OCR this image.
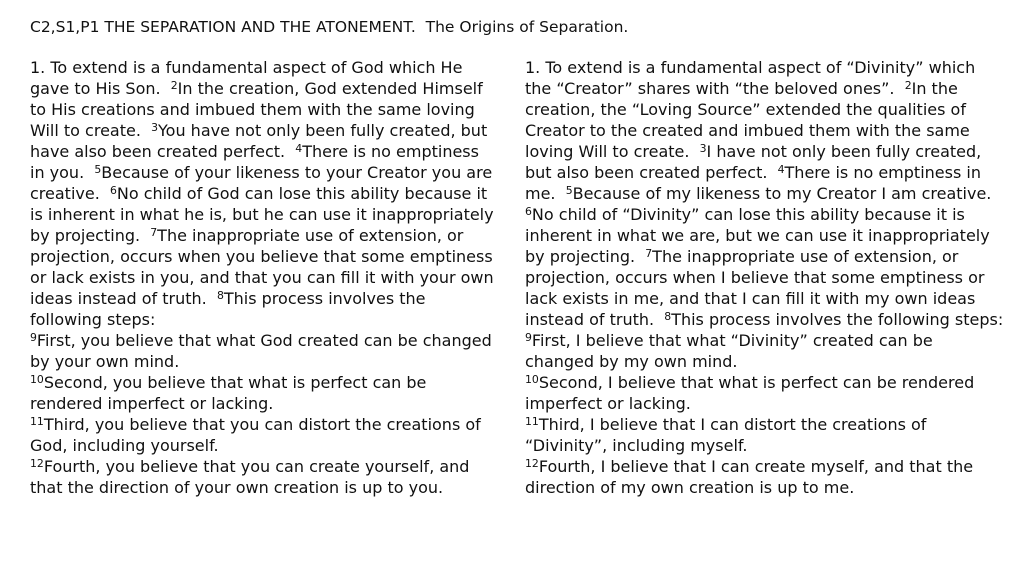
C2,S1,P1 THE SEPARATION AND THE ATONEMENT.  The Origins of Separation.
1. To extend is a fundamental aspect of God which He gave to His Son.  $^2$In the creation, God extended Himself to His creations and imbued them with the same loving Will to create.  $^3$You have not only been fully created, but have also been created perfect.  $^4$There is no emptiness in you.  $^5$Because of your likeness to your Creator you are creative.  $^6$No child of God can lose this ability because it is inherent in what he is, but he can use it inappropriately by projecting.  $^7$The inappropriate use of extension, or projection, occurs when you believe that some emptiness or lack exists in you, and that you can fill it with your own ideas instead of truth.  $^8$This process involves the following steps:
$^9$First, you believe that what God created can be changed by your own mind.
$^{10}$Second, you believe that what is perfect can be rendered imperfect or lacking.
$^{11}$Third, you believe that you can distort the creations of God, including yourself.
$^{12}$Fourth, you believe that you can create yourself, and that the direction of your own creation is up to you.
1. To extend is a fundamental aspect of “Divinity” which the “Creator” shares with “the beloved ones”.  $^2$In the creation, the “Loving Source” extended the qualities of Creator to the created and imbued them with the same loving Will to create.  $^3$I have not only been fully created, but also been created perfect.  $^4$There is no emptiness in me.  $^5$Because of my likeness to my Creator I am creative.  $^6$No child of “Divinity” can lose this ability because it is inherent in what we are, but we can use it inappropriately by projecting.  $^7$The inappropriate use of extension, or projection, occurs when I believe that some emptiness or lack exists in me, and that I can fill it with my own ideas instead of truth.  $^8$This process involves the following steps:
$^9$First, I believe that what “Divinity” created can be changed by my own mind.
$^{10}$Second, I believe that what is perfect can be rendered imperfect or lacking.
$^{11}$Third, I believe that I can distort the creations of “Divinity”, including myself.
$^{12}$Fourth, I believe that I can create myself, and that the direction of my own creation is up to me.
